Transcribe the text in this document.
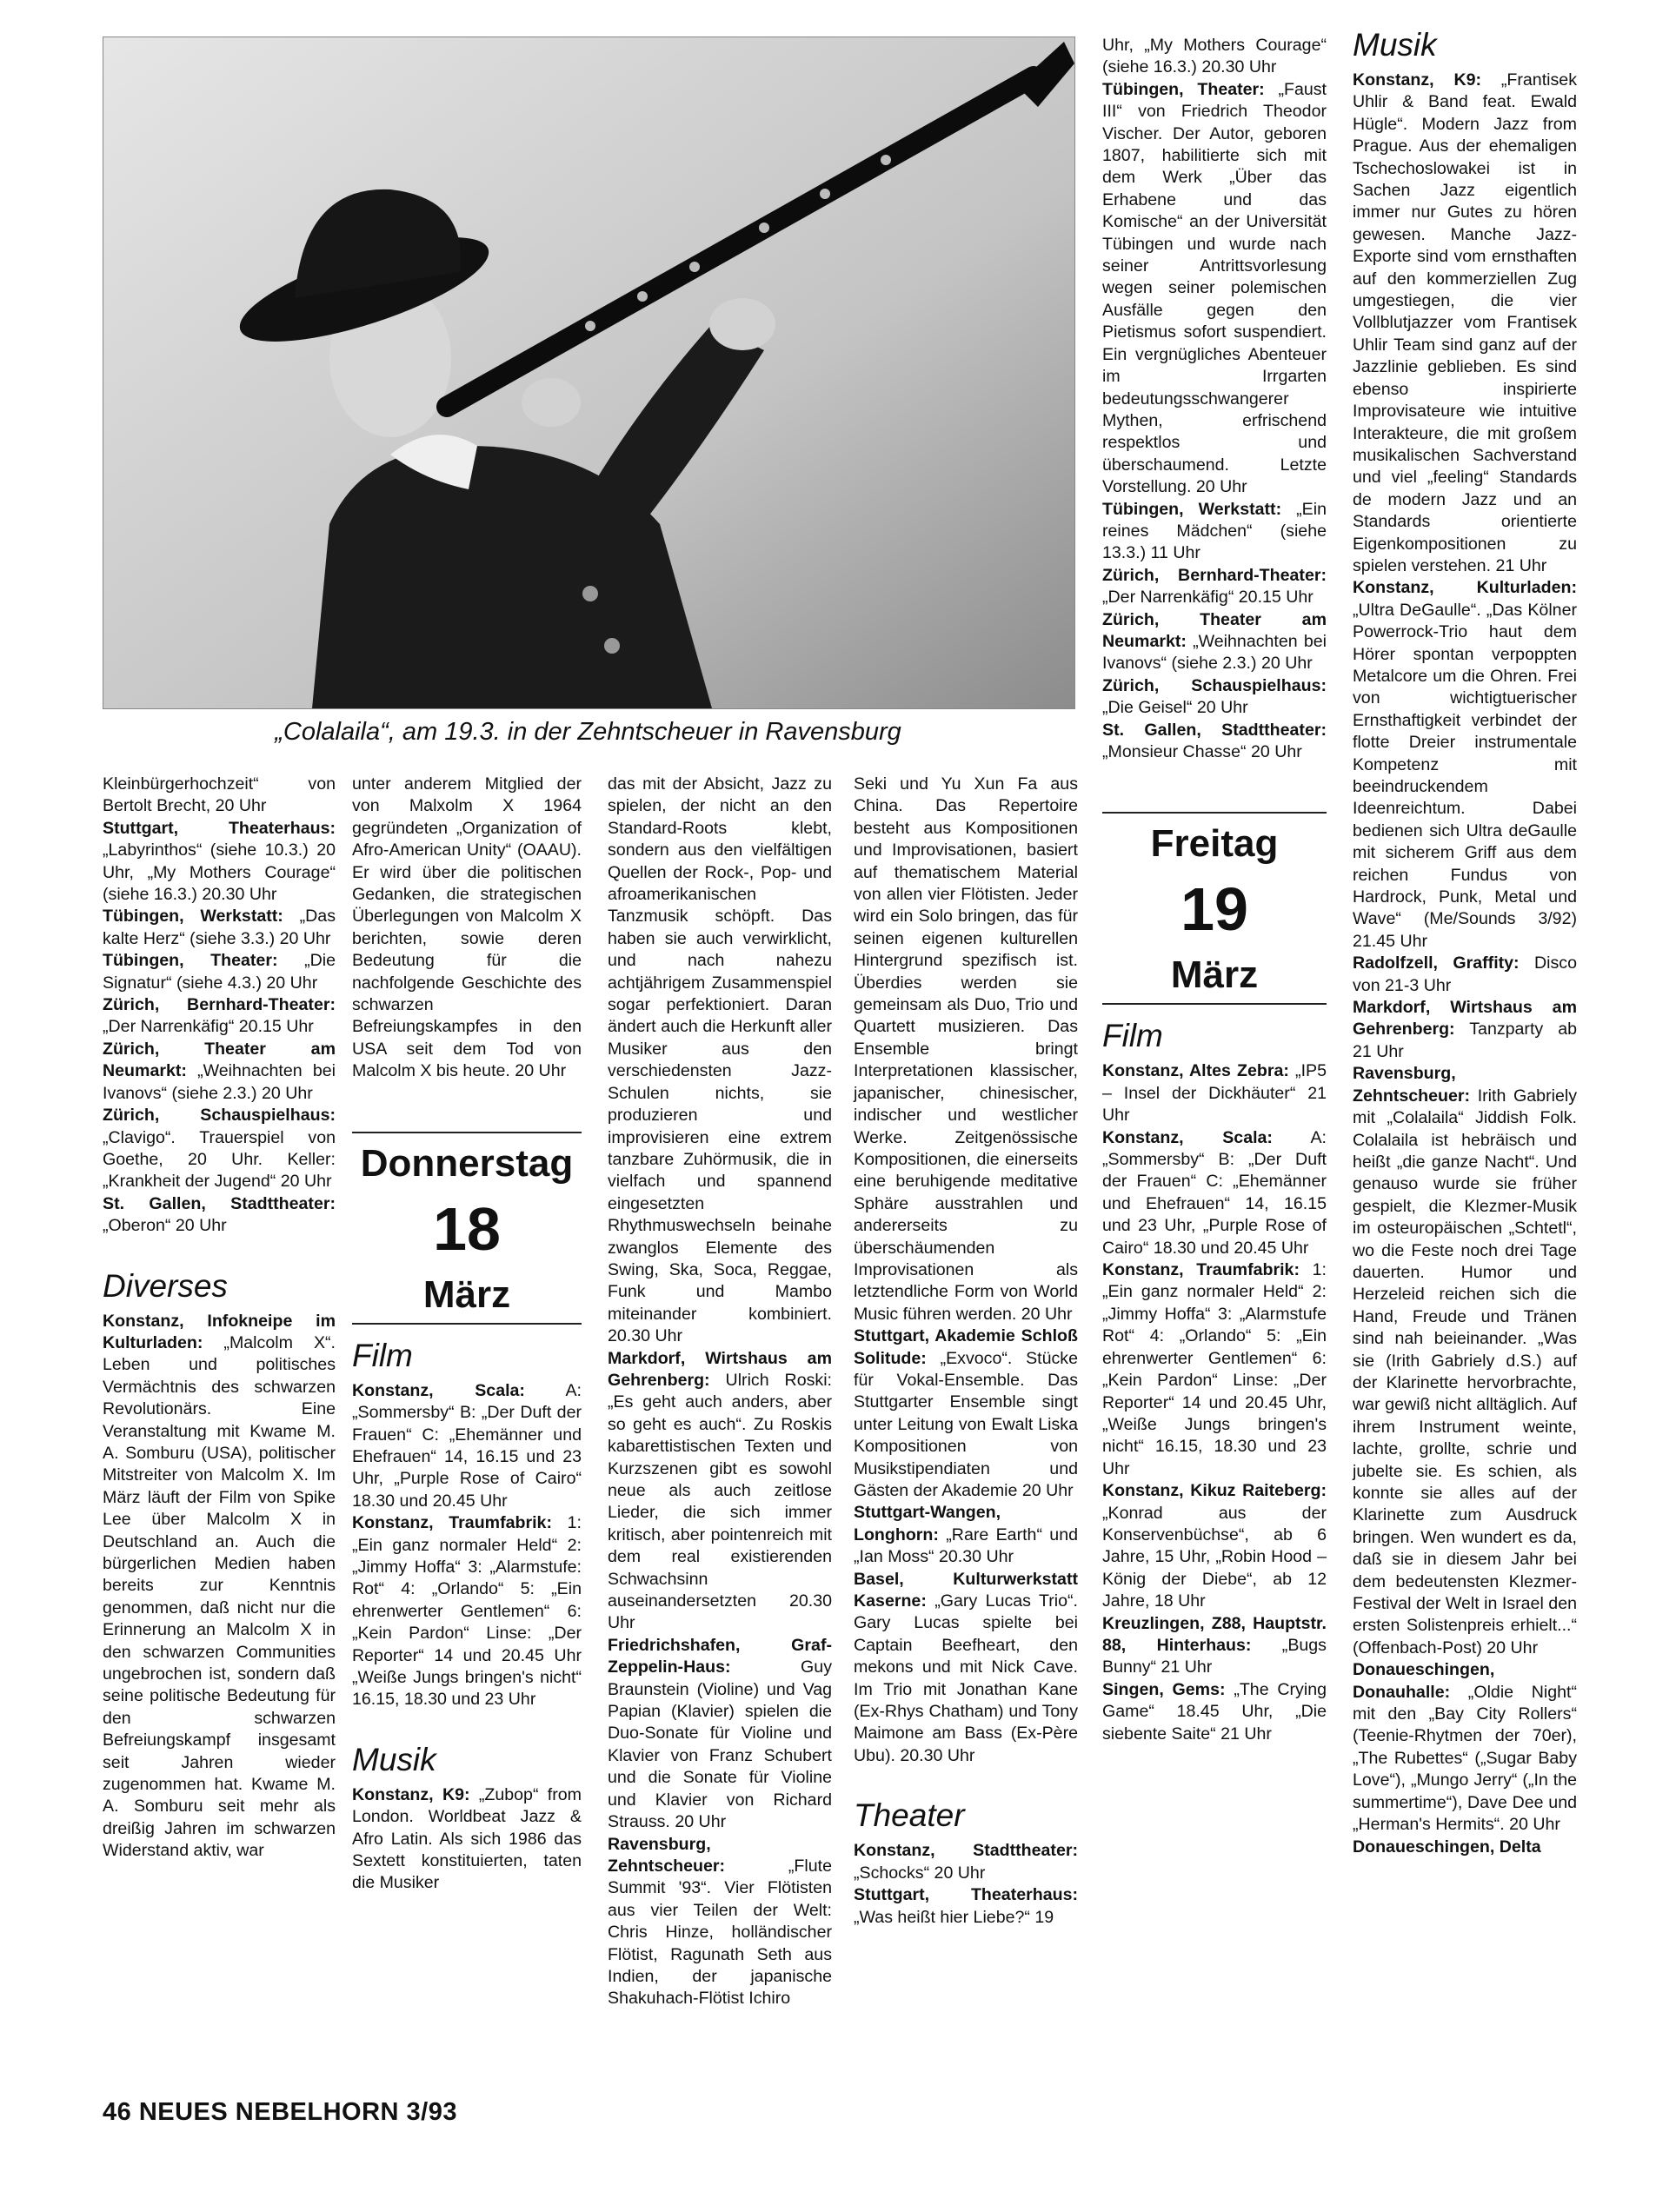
„Colalaila“, am 19.3. in der Zehntscheuer in Ravensburg

Kleinbürgerhochzeit“ von Bertolt Brecht, 20 Uhr

Stuttgart, Theaterhaus: „Labyrinthos“ (siehe 10.3.) 20 Uhr, „My Mothers Courage“ (siehe 16.3.) 20.30 Uhr

Tübingen, Werkstatt: „Das kalte Herz“ (siehe 3.3.) 20 Uhr

Tübingen, Theater: „Die Signatur“ (siehe 4.3.) 20 Uhr

Zürich, Bernhard-Theater: „Der Narrenkäfig“ 20.15 Uhr

Zürich, Theater am Neumarkt: „Weihnachten bei Ivanovs“ (siehe 2.3.) 20 Uhr

Zürich, Schauspielhaus: „Clavigo“. Trauerspiel von Goethe, 20 Uhr. Keller: „Krankheit der Jugend“ 20 Uhr

St. Gallen, Stadttheater: „Oberon“ 20 Uhr

Diverses

Konstanz, Infokneipe im Kulturladen: „Malcolm X“. Leben und politisches Vermächtnis des schwarzen Revolutionärs. Eine Veranstaltung mit Kwame M. A. Somburu (USA), politischer Mitstreiter von Malcolm X. Im März läuft der Film von Spike Lee über Malcolm X in Deutschland an. Auch die bürgerlichen Medien haben bereits zur Kenntnis genommen, daß nicht nur die Erinnerung an Malcolm X in den schwarzen Communities ungebrochen ist, sondern daß seine politische Bedeutung für den schwarzen Befreiungskampf insgesamt seit Jahren wieder zugenommen hat. Kwame M. A. Somburu seit mehr als dreißig Jahren im schwarzen Widerstand aktiv, war

unter anderem Mitglied der von Malxolm X 1964 gegründeten „Organization of Afro-American Unity“ (OAAU). Er wird über die politischen Gedanken, die strategischen Überlegungen von Malcolm X berichten, sowie deren Bedeutung für die nachfolgende Geschichte des schwarzen Befreiungskampfes in den USA seit dem Tod von Malcolm X bis heute. 20 Uhr

Donnerstag
18
März
Film

Konstanz, Scala: A: „Sommersby“ B: „Der Duft der Frauen“ C: „Ehemänner und Ehefrauen“ 14, 16.15 und 23 Uhr, „Purple Rose of Cairo“ 18.30 und 20.45 Uhr

Konstanz, Traumfabrik: 1: „Ein ganz normaler Held“ 2: „Jimmy Hoffa“ 3: „Alarmstufe: Rot“ 4: „Orlando“ 5: „Ein ehrenwerter Gentlemen“ 6: „Kein Pardon“ Linse: „Der Reporter“ 14 und 20.45 Uhr „Weiße Jungs bringen's nicht“ 16.15, 18.30 und 23 Uhr

Musik

Konstanz, K9: „Zubop“ from London. Worldbeat Jazz & Afro Latin. Als sich 1986 das Sextett konstituierten, taten die Musiker

das mit der Absicht, Jazz zu spielen, der nicht an den Standard-Roots klebt, sondern aus den vielfältigen Quellen der Rock-, Pop- und afroamerikanischen Tanzmusik schöpft. Das haben sie auch verwirklicht, und nach nahezu achtjährigem Zusammenspiel sogar perfektioniert. Daran ändert auch die Herkunft aller Musiker aus den verschiedensten Jazz-Schulen nichts, sie produzieren und improvisieren eine extrem tanzbare Zuhörmusik, die in vielfach und spannend eingesetzten Rhythmuswechseln beinahe zwanglos Elemente des Swing, Ska, Soca, Reggae, Funk und Mambo miteinander kombiniert. 20.30 Uhr

Markdorf, Wirtshaus am Gehrenberg: Ulrich Roski: „Es geht auch anders, aber so geht es auch“. Zu Roskis kabarettistischen Texten und Kurzszenen gibt es sowohl neue als auch zeitlose Lieder, die sich immer kritisch, aber pointenreich mit dem real existierenden Schwachsinn auseinandersetzten 20.30 Uhr

Friedrichshafen, Graf-Zeppelin-Haus: Guy Braunstein (Violine) und Vag Papian (Klavier) spielen die Duo-Sonate für Violine und Klavier von Franz Schubert und die Sonate für Violine und Klavier von Richard Strauss. 20 Uhr

Ravensburg, Zehntscheuer: „Flute Summit '93“. Vier Flötisten aus vier Teilen der Welt: Chris Hinze, holländischer Flötist, Ragunath Seth aus Indien, der japanische Shakuhach-Flötist Ichiro

Seki und Yu Xun Fa aus China. Das Repertoire besteht aus Kompositionen und Improvisationen, basiert auf thematischem Material von allen vier Flötisten. Jeder wird ein Solo bringen, das für seinen eigenen kulturellen Hintergrund spezifisch ist. Überdies werden sie gemeinsam als Duo, Trio und Quartett musizieren. Das Ensemble bringt Interpretationen klassischer, japanischer, chinesischer, indischer und westlicher Werke. Zeitgenössische Kompositionen, die einerseits eine beruhigende meditative Sphäre ausstrahlen und andererseits zu überschäumenden Improvisationen als letztendliche Form von World Music führen werden. 20 Uhr

Stuttgart, Akademie Schloß Solitude: „Exvoco“. Stücke für Vokal-Ensemble. Das Stuttgarter Ensemble singt unter Leitung von Ewalt Liska Kompositionen von Musikstipendiaten und Gästen der Akademie 20 Uhr

Stuttgart-Wangen, Longhorn: „Rare Earth“ und „Ian Moss“ 20.30 Uhr

Basel, Kulturwerkstatt Kaserne: „Gary Lucas Trio“. Gary Lucas spielte bei Captain Beefheart, den mekons und mit Nick Cave. Im Trio mit Jonathan Kane (Ex-Rhys Chatham) und Tony Maimone am Bass (Ex-Père Ubu). 20.30 Uhr

Theater

Konstanz, Stadttheater: „Schocks“ 20 Uhr

Stuttgart, Theaterhaus: „Was heißt hier Liebe?“ 19

Uhr, „My Mothers Courage“ (siehe 16.3.) 20.30 Uhr

Tübingen, Theater: „Faust III“ von Friedrich Theodor Vischer. Der Autor, geboren 1807, habilitierte sich mit dem Werk „Über das Erhabene und das Komische“ an der Universität Tübingen und wurde nach seiner Antrittsvorlesung wegen seiner polemischen Ausfälle gegen den Pietismus sofort suspendiert. Ein vergnügliches Abenteuer im Irrgarten bedeutungsschwangerer Mythen, erfrischend respektlos und überschaumend. Letzte Vorstellung. 20 Uhr

Tübingen, Werkstatt: „Ein reines Mädchen“ (siehe 13.3.) 11 Uhr

Zürich, Bernhard-Theater: „Der Narrenkäfig“ 20.15 Uhr

Zürich, Theater am Neumarkt: „Weihnachten bei Ivanovs“ (siehe 2.3.) 20 Uhr

Zürich, Schauspielhaus: „Die Geisel“ 20 Uhr

St. Gallen, Stadttheater: „Monsieur Chasse“ 20 Uhr

Freitag
19
März
Film

Konstanz, Altes Zebra: „IP5 – Insel der Dickhäuter“ 21 Uhr

Konstanz, Scala: A: „Sommersby“ B: „Der Duft der Frauen“ C: „Ehemänner und Ehefrauen“ 14, 16.15 und 23 Uhr, „Purple Rose of Cairo“ 18.30 und 20.45 Uhr

Konstanz, Traumfabrik: 1: „Ein ganz normaler Held“ 2: „Jimmy Hoffa“ 3: „Alarmstufe Rot“ 4: „Orlando“ 5: „Ein ehrenwerter Gentlemen“ 6: „Kein Pardon“ Linse: „Der Reporter“ 14 und 20.45 Uhr, „Weiße Jungs bringen's nicht“ 16.15, 18.30 und 23 Uhr

Konstanz, Kikuz Raiteberg: „Konrad aus der Konservenbüchse“, ab 6 Jahre, 15 Uhr, „Robin Hood – König der Diebe“, ab 12 Jahre, 18 Uhr

Kreuzlingen, Z88, Hauptstr. 88, Hinterhaus: „Bugs Bunny“ 21 Uhr

Singen, Gems: „The Crying Game“ 18.45 Uhr, „Die siebente Saite“ 21 Uhr

Musik

Konstanz, K9: „Frantisek Uhlir & Band feat. Ewald Hügle“. Modern Jazz from Prague. Aus der ehemaligen Tschechoslowakei ist in Sachen Jazz eigentlich immer nur Gutes zu hören gewesen. Manche Jazz-Exporte sind vom ernsthaften auf den kommerziellen Zug umgestiegen, die vier Vollblutjazzer vom Frantisek Uhlir Team sind ganz auf der Jazzlinie geblieben. Es sind ebenso inspirierte Improvisateure wie intuitive Interakteure, die mit großem musikalischen Sachverstand und viel „feeling“ Standards de modern Jazz und an Standards orientierte Eigenkompositionen zu spielen verstehen. 21 Uhr

Konstanz, Kulturladen: „Ultra DeGaulle“. „Das Kölner Powerrock-Trio haut dem Hörer spontan verpoppten Metalcore um die Ohren. Frei von wichtigtuerischer Ernsthaftigkeit verbindet der flotte Dreier instrumentale Kompetenz mit beeindruckendem Ideenreichtum. Dabei bedienen sich Ultra deGaulle mit sicherem Griff aus dem reichen Fundus von Hardrock, Punk, Metal und Wave“ (Me/Sounds 3/92) 21.45 Uhr

Radolfzell, Graffity: Disco von 21-3 Uhr

Markdorf, Wirtshaus am Gehrenberg: Tanzparty ab 21 Uhr

Ravensburg, Zehntscheuer: Irith Gabriely mit „Colalaila“ Jiddish Folk. Colalaila ist hebräisch und heißt „die ganze Nacht“. Und genauso wurde sie früher gespielt, die Klezmer-Musik im osteuropäischen „Schtetl“, wo die Feste noch drei Tage dauerten. Humor und Herzeleid reichen sich die Hand, Freude und Tränen sind nah beieinander. „Was sie (Irith Gabriely d.S.) auf der Klarinette hervorbrachte, war gewiß nicht alltäglich. Auf ihrem Instrument weinte, lachte, grollte, schrie und jubelte sie. Es schien, als konnte sie alles auf der Klarinette zum Ausdruck bringen. Wen wundert es da, daß sie in diesem Jahr bei dem bedeutensten Klezmer-Festival der Welt in Israel den ersten Solistenpreis erhielt...“ (Offenbach-Post) 20 Uhr

Donaueschingen, Donauhalle: „Oldie Night“ mit den „Bay City Rollers“ (Teenie-Rhytmen der 70er), „The Rubettes“ („Sugar Baby Love“), „Mungo Jerry“ („In the summertime“), Dave Dee und „Herman's Hermits“. 20 Uhr

Donaueschingen, Delta

46 NEUES NEBELHORN 3/93
